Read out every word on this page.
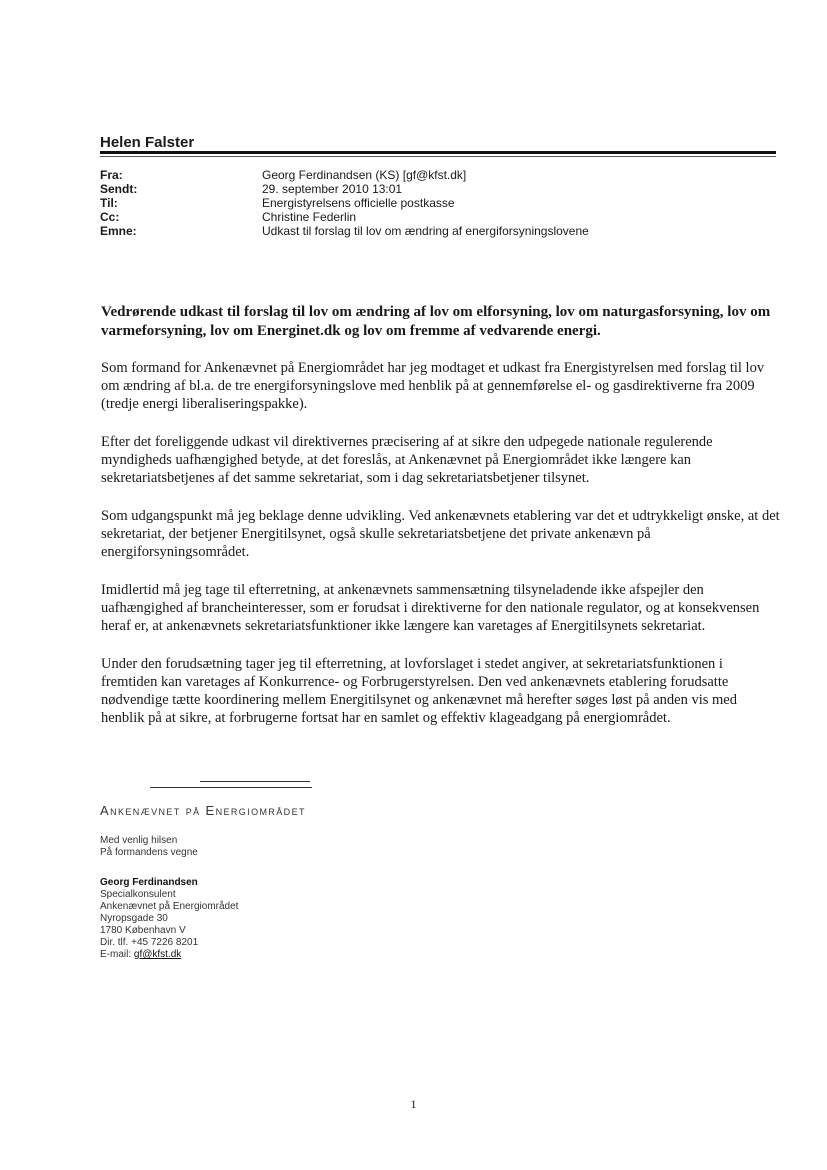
Helen Falster
Fra:	Georg Ferdinandsen (KS) [gf@kfst.dk]
Sendt:	29. september 2010 13:01
Til:	Energistyrelsens officielle postkasse
Cc:	Christine Federlin
Emne:	Udkast til forslag til lov om ændring af energiforsyningslovene
Vedrørende udkast til forslag til lov om ændring af lov om elforsyning, lov om naturgasforsyning, lov om varmeforsyning, lov om Energinet.dk og lov om fremme af vedvarende energi.

Som formand for Ankenævnet på Energiområdet har jeg modtaget et udkast fra Energistyrelsen med forslag til lov om ændring af bl.a. de tre energiforsyningslove med henblik på at gennemførelse el- og gasdirektiverne fra 2009 (tredje energi liberaliseringspakke).

Efter det foreliggende udkast vil direktivernes præcisering af at sikre den udpegede nationale regulerende myndigheds uafhængighed betyde, at det foreslås, at Ankenævnet på Energiområdet ikke længere kan sekretariatsbetjenes af det samme sekretariat, som i dag sekretariatsbetjener tilsynet.

Som udgangspunkt må jeg beklage denne udvikling. Ved ankenævnets etablering var det et udtrykkeligt ønske, at det sekretariat, der betjener Energitilsynet, også skulle sekretariatsbetjene det private ankenævn på energiforsyningsområdet.

Imidlertid må jeg tage til efterretning, at ankenævnets sammensætning tilsyneladende ikke afspejler den uafhængighed af brancheinteresser, som er forudsat i direktiverne for den nationale regulator, og at konsekvensen heraf er, at ankenævnets sekretariatsfunktioner ikke længere kan varetages af Energitilsynets sekretariat.

Under den forudsætning tager jeg til efterretning, at lovforslaget i stedet angiver, at sekretariatsfunktionen i fremtiden kan varetages af Konkurrence- og Forbrugerstyrelsen. Den ved ankenævnets etablering forudsatte nødvendige tætte koordinering mellem Energitilsynet og ankenævnet må herefter søges løst på anden vis med henblik på at sikre, at forbrugerne fortsat har en samlet og effektiv klageadgang på energiområdet.

Ankenævnet på Energiområdet
Med venlig hilsen
På formandens vegne
Georg Ferdinandsen
Specialkonsulent
Ankenævnet på Energiområdet
Nyropsgade 30
1780 København V
Dir. tlf. +45 7226 8201
E-mail: gf@kfst.dk
1
